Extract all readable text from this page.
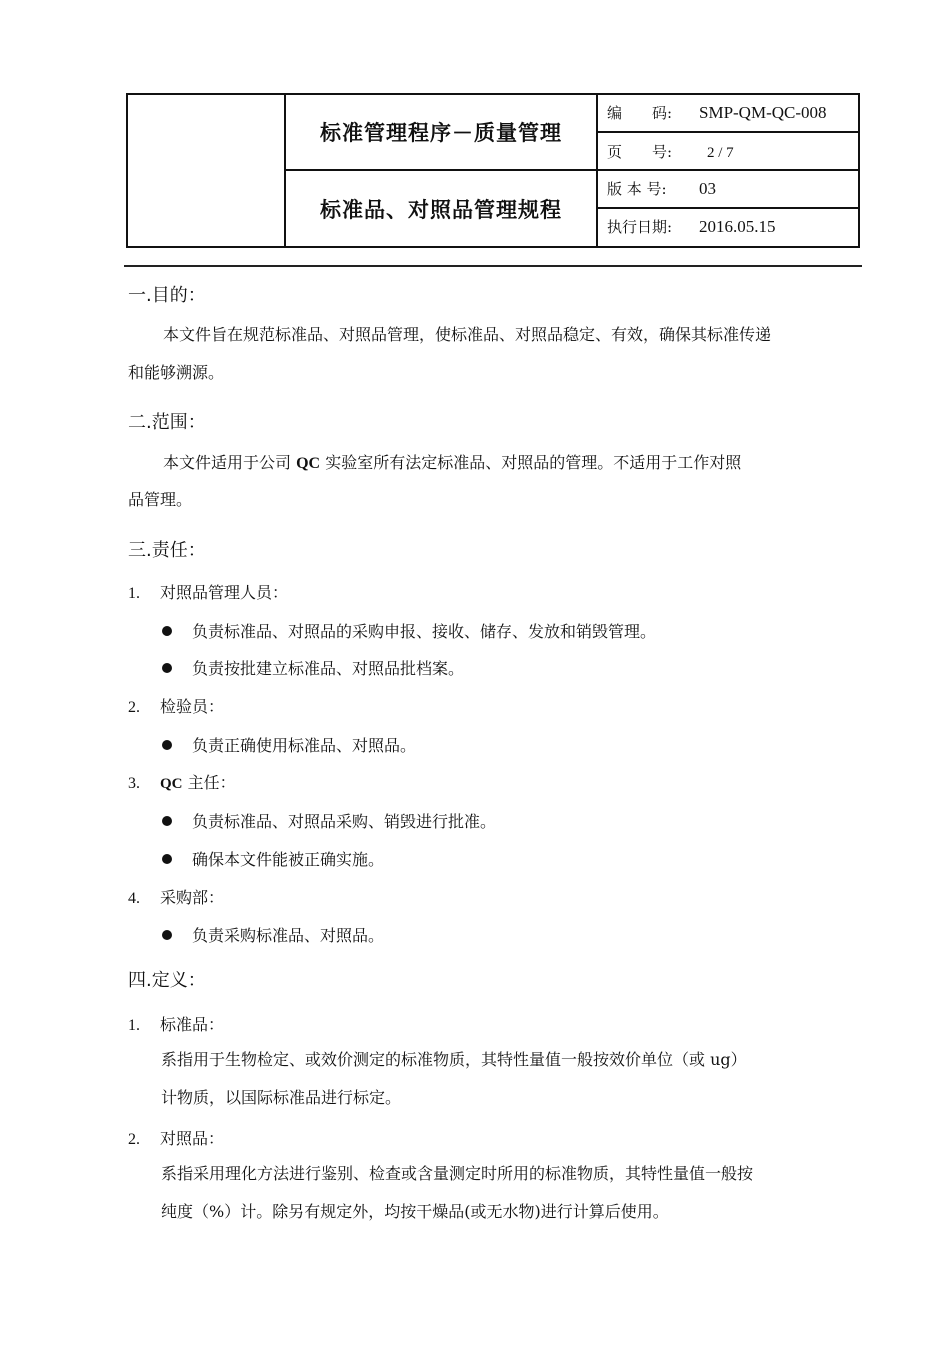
标准管理程序－质量管理
标准品、对照品管理规程
编　　码: SMP-QM-QC-008
页　　号: 2 / 7
版 本 号: 03
执行日期: 2016.05.15
一.目的：
本文件旨在规范标准品、对照品管理，使标准品、对照品稳定、有效，确保其标准传递
和能够溯源。
二.范围：
本文件适用于公司 QC 实验室所有法定标准品、对照品的管理。不适用于工作对照
品管理。
三.责任：
1. 对照品管理人员：
负责标准品、对照品的采购申报、接收、储存、发放和销毁管理。
负责按批建立标准品、对照品批档案。
2. 检验员：
负责正确使用标准品、对照品。
3. QC 主任：
负责标准品、对照品采购、销毁进行批准。
确保本文件能被正确实施。
4. 采购部：
负责采购标准品、对照品。
四.定义：
1. 标准品：
系指用于生物检定、或效价测定的标准物质，其特性量值一般按效价单位（或 ug）
计物质，以国际标准品进行标定。
2. 对照品：
系指采用理化方法进行鉴别、检查或含量测定时所用的标准物质，其特性量值一般按
纯度（%）计。除另有规定外，均按干燥品(或无水物)进行计算后使用。
